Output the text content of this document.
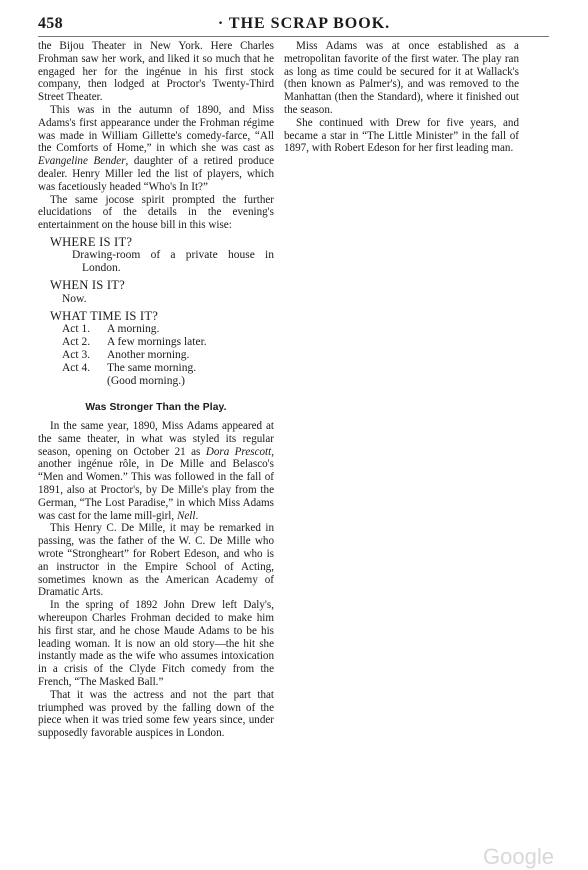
458	· THE SCRAP BOOK.

the Bijou Theater in New York. Here Charles Frohman saw her work, and liked it so much that he engaged her for the ingénue in his first stock company, then lodged at Proctor's Twenty-Third Street Theater.

This was in the autumn of 1890, and Miss Adams's first appearance under the Frohman régime was made in William Gillette's comedy-farce, “All the Comforts of Home,” in which she was cast as Evangeline Bender, daughter of a retired produce dealer. Henry Miller led the list of players, which was facetiously headed “Who's In It?”

The same jocose spirit prompted the further elucidations of the details in the evening's entertainment on the house bill in this wise:

WHERE IS IT?
Drawing-room of a private house in London.
WHEN IS IT?
Now.
WHAT TIME IS IT?
Act 1.	A morning.
Act 2.	A few mornings later.
Act 3.	Another morning.
Act 4.	The same morning.
(Good morning.)
Was Stronger Than the Play.

In the same year, 1890, Miss Adams appeared at the same theater, in what was styled its regular season, opening on October 21 as Dora Prescott, another ingénue rôle, in De Mille and Belasco's “Men and Women.” This was followed in the fall of 1891, also at Proctor's, by De Mille's play from the German, “The Lost Paradise,” in which Miss Adams was cast for the lame mill-girl, Nell.

This Henry C. De Mille, it may be remarked in passing, was the father of the W. C. De Mille who wrote “Strongheart” for Robert Edeson, and who is an instructor in the Empire School of Acting, sometimes known as the American Academy of Dramatic Arts.

In the spring of 1892 John Drew left Daly's, whereupon Charles Frohman decided to make him his first star, and he chose Maude Adams to be his leading woman. It is now an old story—the hit she instantly made as the wife who assumes intoxication in a crisis of the Clyde Fitch comedy from the French, “The Masked Ball.”

That it was the actress and not the part that triumphed was proved by the falling down of the piece when it was tried some few years since, under supposedly favorable auspices in London.

Miss Adams was at once established as a metropolitan favorite of the first water. The play ran as long as time could be secured for it at Wallack's (then known as Palmer's), and was removed to the Manhattan (then the Standard), where it finished out the season.

She continued with Drew for five years, and became a star in “The Little Minister” in the fall of 1897, with Robert Edeson for her first leading man.

Google
